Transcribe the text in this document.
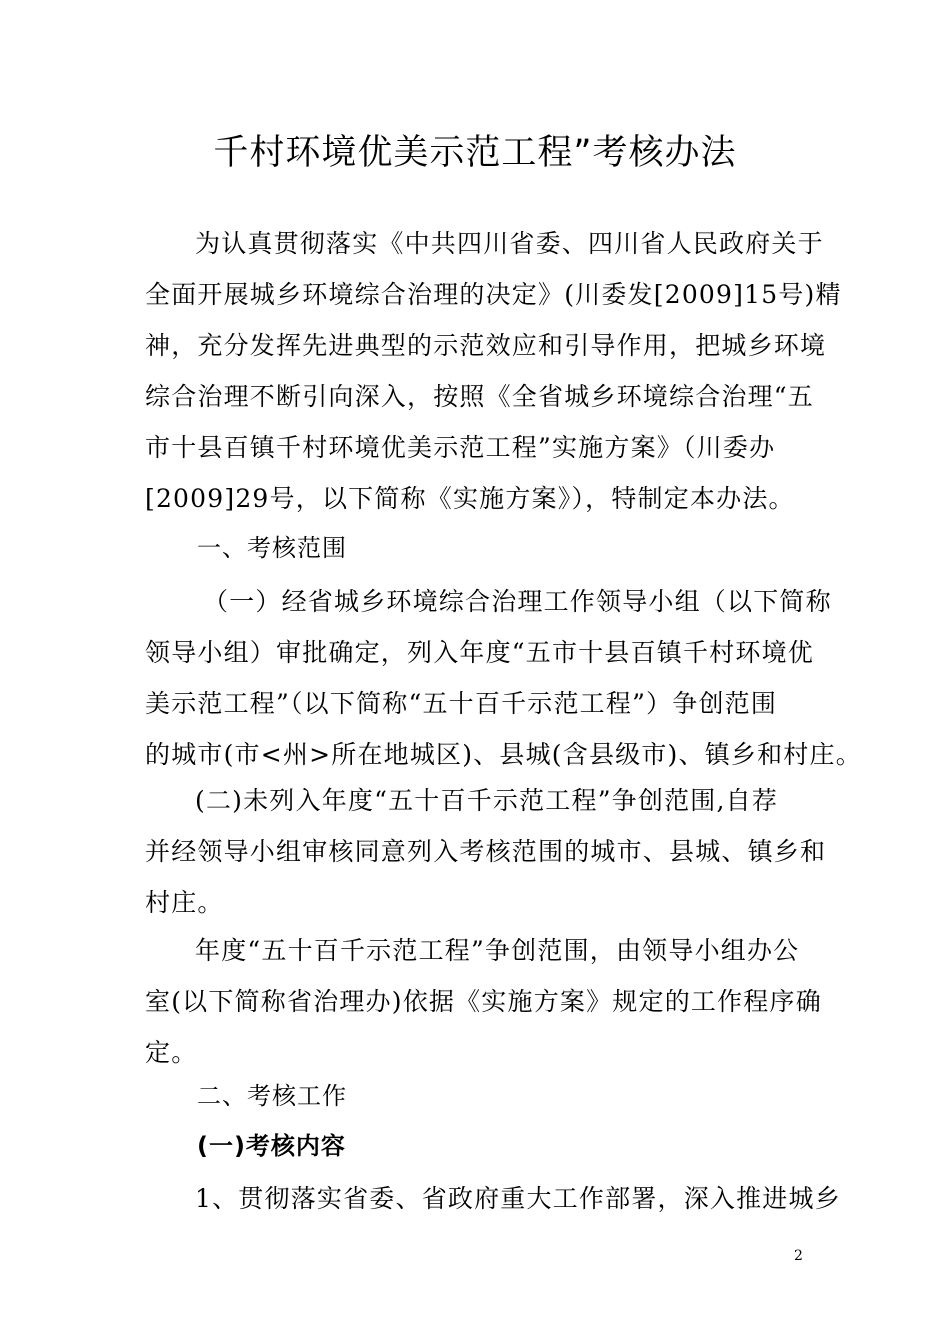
千村环境优美示范工程”考核办法
为认真贯彻落实《中共四川省委、四川省人民政府关于
全面开展城乡环境综合治理的决定》(川委发[2009]15号)精
神，充分发挥先进典型的示范效应和引导作用，把城乡环境
综合治理不断引向深入，按照《全省城乡环境综合治理“五
市十县百镇千村环境优美示范工程”实施方案》（川委办
[2009]29号，以下简称《实施方案》），特制定本办法。
一、考核范围
（一）经省城乡环境综合治理工作领导小组（以下简称
领导小组）审批确定，列入年度“五市十县百镇千村环境优
美示范工程”（以下简称“五十百千示范工程”）争创范围
的城市(市<州>所在地城区)、县城(含县级市)、镇乡和村庄。
(二)未列入年度“五十百千示范工程”争创范围,自荐
并经领导小组审核同意列入考核范围的城市、县城、镇乡和
村庄。
年度“五十百千示范工程”争创范围，由领导小组办公
室(以下简称省治理办)依据《实施方案》规定的工作程序确
定。
二、考核工作
(一)考核内容
1、贯彻落实省委、省政府重大工作部署，深入推进城乡
2
